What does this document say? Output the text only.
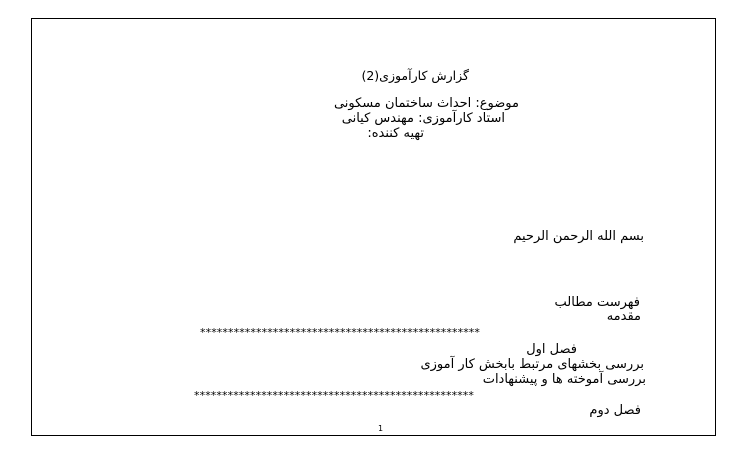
گزارش کارآموزی(2)
موضوع: احداث ساختمان مسکونی
استاد کارآموزی: مهندس کیانی
تهیه کننده:
بسم الله الرحمن الرحیم
فهرست مطالب
مقدمه
**************************************************
فصل اول
بررسی بخشهای مرتبط بابخش کار آموزی
بررسی آموخته ها و پیشنهادات
**************************************************
فصل دوم
1
